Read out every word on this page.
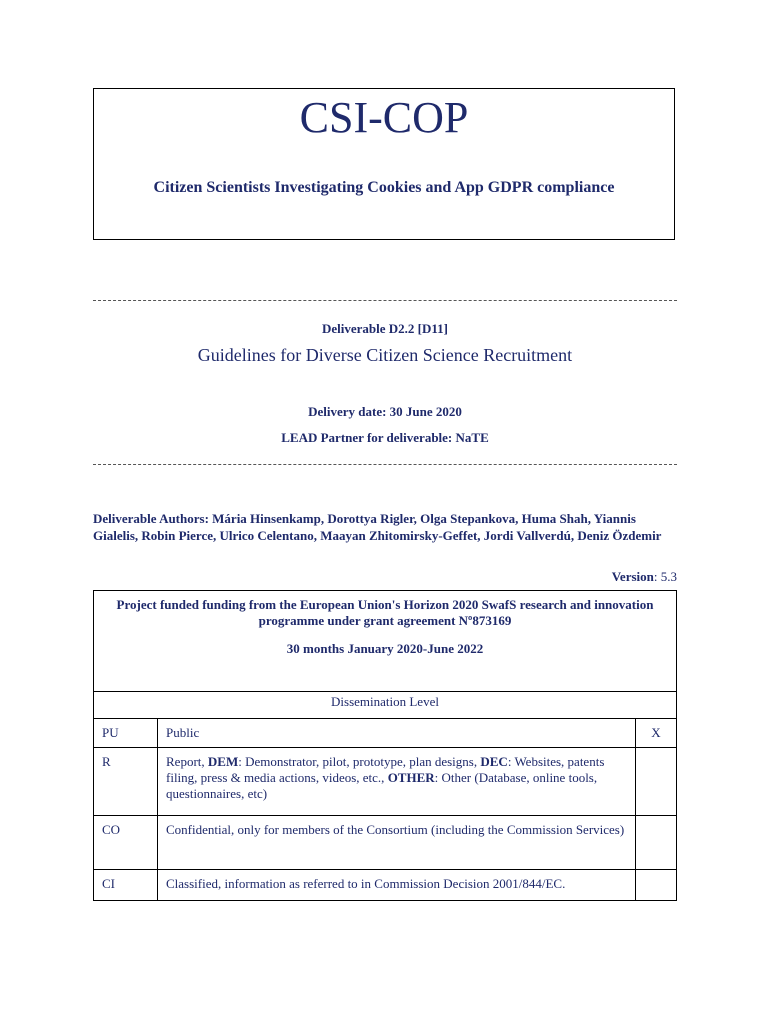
CSI-COP
Citizen Scientists Investigating Cookies and App GDPR compliance
Deliverable D2.2 [D11]
Guidelines for Diverse Citizen Science Recruitment
Delivery date: 30 June 2020
LEAD Partner for deliverable: NaTE
Deliverable Authors: Mária Hinsenkamp, Dorottya Rigler, Olga Stepankova, Huma Shah, Yiannis Gialelis, Robin Pierce, Ulrico Celentano, Maayan Zhitomirsky-Geffet, Jordi Vallverdú, Deniz Özdemir
Version: 5.3
Project funded funding from the European Union's Horizon 2020 SwafS research and innovation programme under grant agreement Nº873169
30 months January 2020-June 2022
Dissemination Level
PU	Public	X
R	Report, DEM: Demonstrator, pilot, prototype, plan designs, DEC: Websites, patents filing, press & media actions, videos, etc., OTHER: Other (Database, online tools, questionnaires, etc)	
CO	Confidential, only for members of the Consortium (including the Commission Services)	
CI	Classified, information as referred to in Commission Decision 2001/844/EC.	
